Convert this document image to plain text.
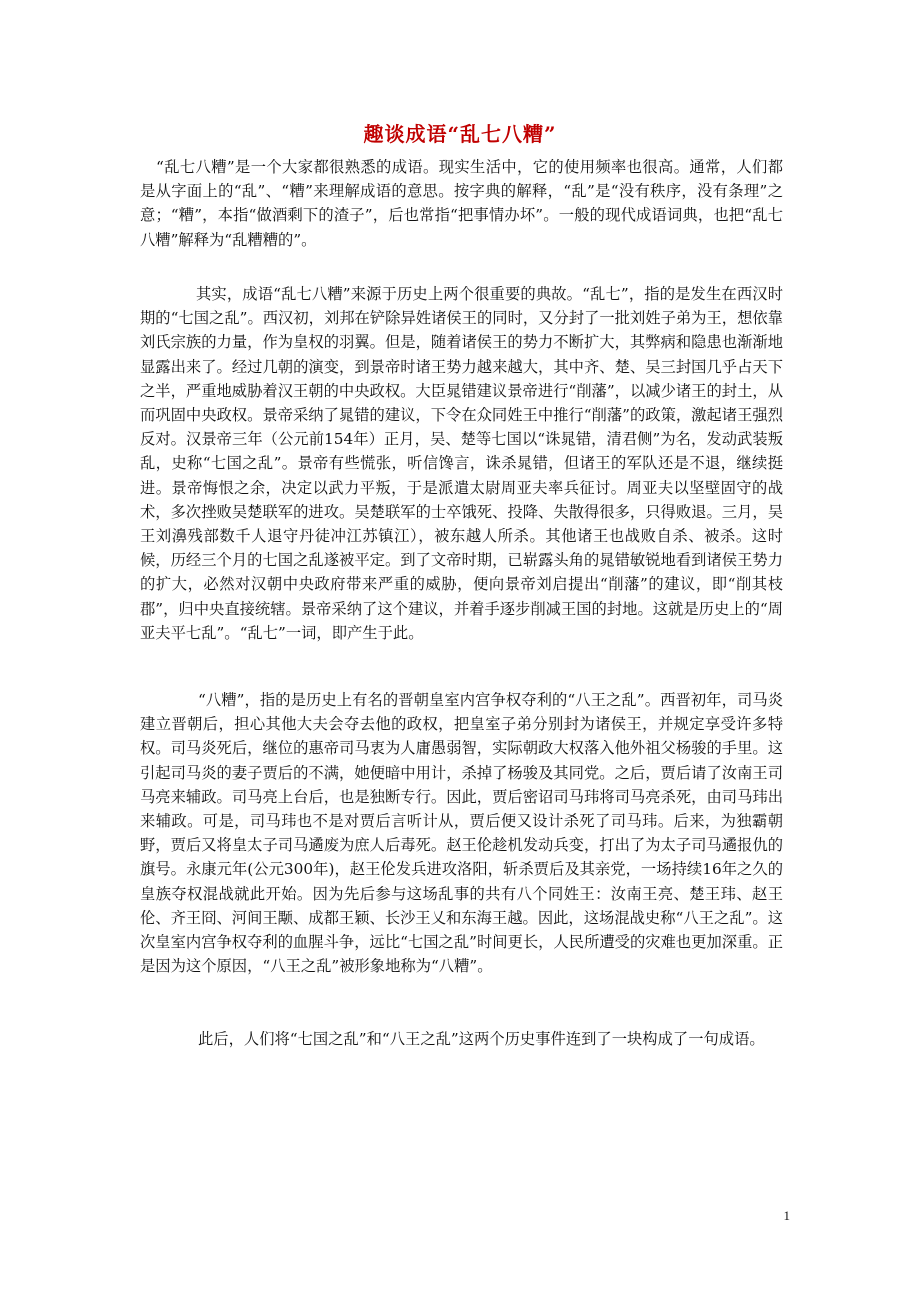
趣谈成语“乱七八糟”

“乱七八糟”是一个大家都很熟悉的成语。现实生活中，它的使用频率也很高。通常，人们都是从字面上的“乱”、“糟”来理解成语的意思。按字典的解释，“乱”是“没有秩序，没有条理”之意；“糟”，本指“做酒剩下的渣子”，后也常指“把事情办坏”。一般的现代成语词典，也把“乱七八糟”解释为“乱糟糟的”。

其实，成语“乱七八糟”来源于历史上两个很重要的典故。“乱七”，指的是发生在西汉时期的“七国之乱”。西汉初，刘邦在铲除异姓诸侯王的同时，又分封了一批刘姓子弟为王，想依靠刘氏宗族的力量，作为皇权的羽翼。但是，随着诸侯王的势力不断扩大，其弊病和隐患也渐渐地显露出来了。经过几朝的演变，到景帝时诸王势力越来越大，其中齐、楚、吴三封国几乎占天下之半，严重地威胁着汉王朝的中央政权。大臣晁错建议景帝进行“削藩”，以减少诸王的封土，从而巩固中央政权。景帝采纳了晁错的建议，下令在众同姓王中推行“削藩”的政策，激起诸王强烈反对。汉景帝三年（公元前154年）正月，吴、楚等七国以“诛晁错，清君侧”为名，发动武装叛乱，史称“七国之乱”。景帝有些慌张，听信馋言，诛杀晁错，但诸王的军队还是不退，继续挺进。景帝悔恨之余，决定以武力平叛，于是派遣太尉周亚夫率兵征讨。周亚夫以坚壁固守的战术，多次挫败吴楚联军的进攻。吴楚联军的士卒饿死、投降、失散得很多，只得败退。三月，吴王刘濞残部数千人退守丹徒冲江苏镇江），被东越人所杀。其他诸王也战败自杀、被杀。这时候，历经三个月的七国之乱遂被平定。到了文帝时期，已崭露头角的晁错敏锐地看到诸侯王势力的扩大，必然对汉朝中央政府带来严重的威胁，便向景帝刘启提出“削藩”的建议，即“削其枝郡”，归中央直接统辖。景帝采纳了这个建议，并着手逐步削减王国的封地。这就是历史上的“周亚夫平七乱”。“乱七”一词，即产生于此。

“八糟”，指的是历史上有名的晋朝皇室内宫争权夺利的“八王之乱”。西晋初年，司马炎建立晋朝后，担心其他大夫会夺去他的政权，把皇室子弟分别封为诸侯王，并规定享受许多特权。司马炎死后，继位的惠帝司马衷为人庸愚弱智，实际朝政大权落入他外祖父杨骏的手里。这引起司马炎的妻子贾后的不满，她便暗中用计，杀掉了杨骏及其同党。之后，贾后请了汝南王司马亮来辅政。司马亮上台后，也是独断专行。因此，贾后密诏司马玮将司马亮杀死，由司马玮出来辅政。可是，司马玮也不是对贾后言听计从，贾后便又设计杀死了司马玮。后来，为独霸朝野，贾后又将皇太子司马遹废为庶人后毒死。赵王伦趁机发动兵变，打出了为太子司马遹报仇的旗号。永康元年(公元300年)，赵王伦发兵进攻洛阳，斩杀贾后及其亲党，一场持续16年之久的皇族夺权混战就此开始。因为先后参与这场乱事的共有八个同姓王：汝南王亮、楚王玮、赵王伦、齐王冏、河间王颙、成都王颖、长沙王乂和东海王越。因此，这场混战史称“八王之乱”。这次皇室内宫争权夺利的血腥斗争，远比“七国之乱”时间更长，人民所遭受的灾难也更加深重。正是因为这个原因，“八王之乱”被形象地称为“八糟”。

此后，人们将“七国之乱”和“八王之乱”这两个历史事件连到了一块构成了一句成语。

1
